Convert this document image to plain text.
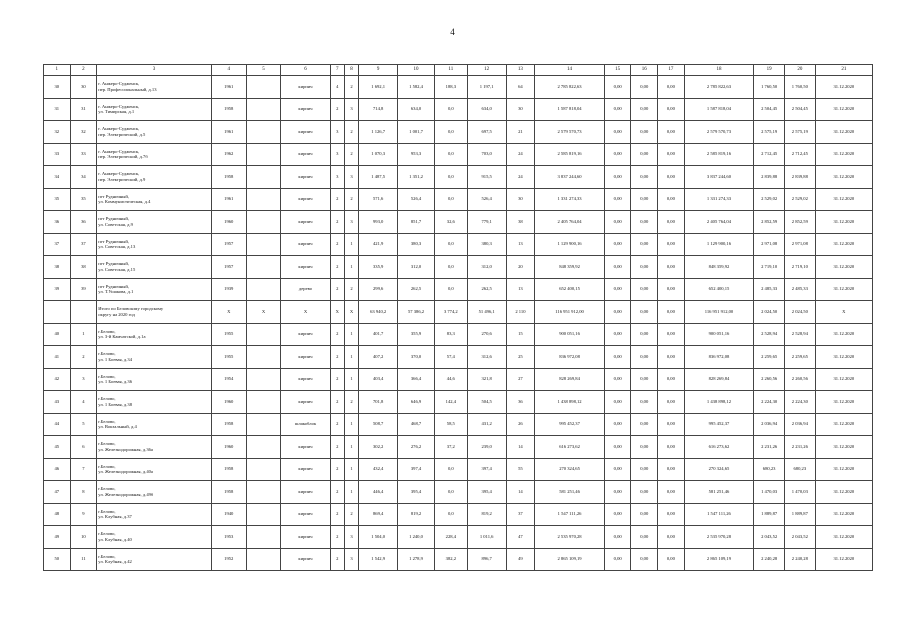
4
1	2	3	4	5	6	7	8	9	10	11	12	13	14	15	16	17	18	19	20	21
30	30	г. Анжеро-Судженск,
пер. Профессиональный, д.13	1961		кирпич	4	2	1 692,1	1 582,4	188,3	1 197,1	64	2 785 822,63	0,00	0,00	0,00	2 785 822,63	1 760,50	1 760,50	31.12.2020
31	31	г. Анжеро-Судженск,
ул. Тимирская, д.1	1958		кирпич	2	3	714,8	634,0	0,0	634,0	30	1 587 818,04	0,00	0,00	0,00	1 587 818,04	2 504,45	2 504,45	31.12.2020
32	32	г. Анжеро-Судженск,
пер. Электрический, д.5	1961		кирпич	3	2	1 126,7	1 001,7	0,0	697,5	21	2 579 570,73	0,00	0,00	0,00	2 579 570,73	2 575,19	2 575,19	31.12.2020
33	33	г. Анжеро-Судженск,
пер. Электрический, д.7б	1962		кирпич	3	2	1 070,3	953,3	0,0	703,0	24	2 585 819,16	0,00	0,00	0,00	2 585 819,16	2 712,45	2 712,45	31.12.2020
34	34	г. Анжеро-Судженск,
пер. Электрический, д.9	1958		кирпич	3	3	1 487,5	1 351,2	0,0	915,5	24	3 837 244,60	0,00	0,00	0,00	3 837 244,60	2 839,88	2 839,88	31.12.2020
35	35	пгт Рудничный,
ул. Коммунистическая, д.4	1961		кирпич	2	2	571,6	526,4	0,0	526,4	30	1 331 274,33	0,00	0,00	0,00	1 331 274,33	2 529,02	2 529,02	31.12.2020
36	36	пгт Рудничный,
ул. Советская, д.9	1960		кирпич	2	3	993,0	851,7	32,6	779,1	38	2 405 764,04	0,00	0,00	0,00	2 405 764,04	2 852,59	2 852,59	31.12.2020
37	37	пгт Рудничный,
ул. Советская, д.13	1957		кирпич	2	1	421,9	380,3	0,0	380,3	13	1 129 900,16	0,00	0,00	0,00	1 129 900,16	2 971,08	2 971,08	31.12.2020
38	38	пгт Рудничный,
ул. Советская, д.15	1957		кирпич	2	1	335,9	312,0	0,0	312,0	20	848 359,92	0,00	0,00	0,00	848 359,92	2 719,10	2 719,10	31.12.2020
39	39	пгт Рудничный,
ул. Т.Ушакова, д.1	1939		дерево	2	2	299,6	262,5	0,0	262,5	13	652 400,15	0,00	0,00	0,00	652 400,15	2 485,33	2 485,33	31.12.2020
		Итого по Беловскому городскому
округу на 2020 год	X	X	X	X	X	63 940,2	57 386,2	3 774,2	51 496,1	2 110	116 951 912,00	0,00	0,00	0,00	116 951 912,00	2 024,50	2 024,50	X
40	1	г.Белово,
ул. 3-й Камчатской, д.1а	1955		кирпич	2	1	401,7	355,9	83,3	270,6	15	900 051,16	0,00	0,00	0,00	900 051,16	2 528,94	2 528,94	31.12.2020
41	2	г.Белово,
ул. 1 Боевая, д.34	1955		кирпич	2	1	407,2	370,0	57,4	312,6	25	836 972,08	0,00	0,00	0,00	836 972,08	2 259,65	2 259,65	31.12.2020
42	3	г.Белово,
ул. 1 Боевая, д.36	1954		кирпич	2	1	403,4	366,4	44,6	321,8	27	828 269,84	0,00	0,00	0,00	828 269,84	2 260,56	2 260,56	31.12.2020
43	4	г.Белово,
ул. 1 Боевая, д.38	1960		кирпич	2	2	701,8	646,9	142,4	504,5	36	1 438 898,12	0,00	0,00	0,00	1 438 898,12	2 224,30	2 224,30	31.12.2020
44	5	г.Белово,
ул. Вокзальный, д.4	1958		шлакоблок	2	1	508,7	468,7	58,5	431,2	26	995 452,37	0,00	0,00	0,00	995 452,37	2 036,94	2 036,94	31.12.2020
45	6	г.Белово,
ул. Железнодорожная, д.36а	1960		кирпич	2	1	302,2	276,2	37,2	239,0	14	616 273,62	0,00	0,00	0,00	616 273,62	2 231,26	2 231,26	31.12.2020
46	7	г.Белово,
ул. Железнодорожная, д.40а	1958		кирпич	2	1	432,4	397,4	0,0	397,4	55	270 324,65	0,00	0,00	0,00	270 324,65	680,23	680,23	31.12.2020
47	8	г.Белово,
ул. Железнодорожная, д.49б	1958		кирпич	2	1	446,4	395,4	0,0	395,4	14	581 251,46	0,00	0,00	0,00	581 251,46	1 470,03	1 470,03	31.12.2020
48	9	г.Белово,
ул. Клубная, д.37	1940		кирпич	2	2	869,4	819,2	0,0	819,2	37	1 547 111,26	0,00	0,00	0,00	1 547 111,26	1 889,87	1 889,87	31.12.2020
49	10	г.Белово,
ул. Клубная, д.40	1953		кирпич	2	3	1 504,0	1 240,0	228,4	1 011,6	47	2 535 970,28	0,00	0,00	0,00	2 535 970,28	2 043,52	2 043,52	31.12.2020
50	11	г.Белово,
ул. Клубная, д.42	1952		кирпич	2	3	1 542,9	1 278,9	382,2	896,7	49	2 865 109,19	0,00	0,00	0,00	2 865 109,19	2 240,28	2 240,28	31.12.2020
